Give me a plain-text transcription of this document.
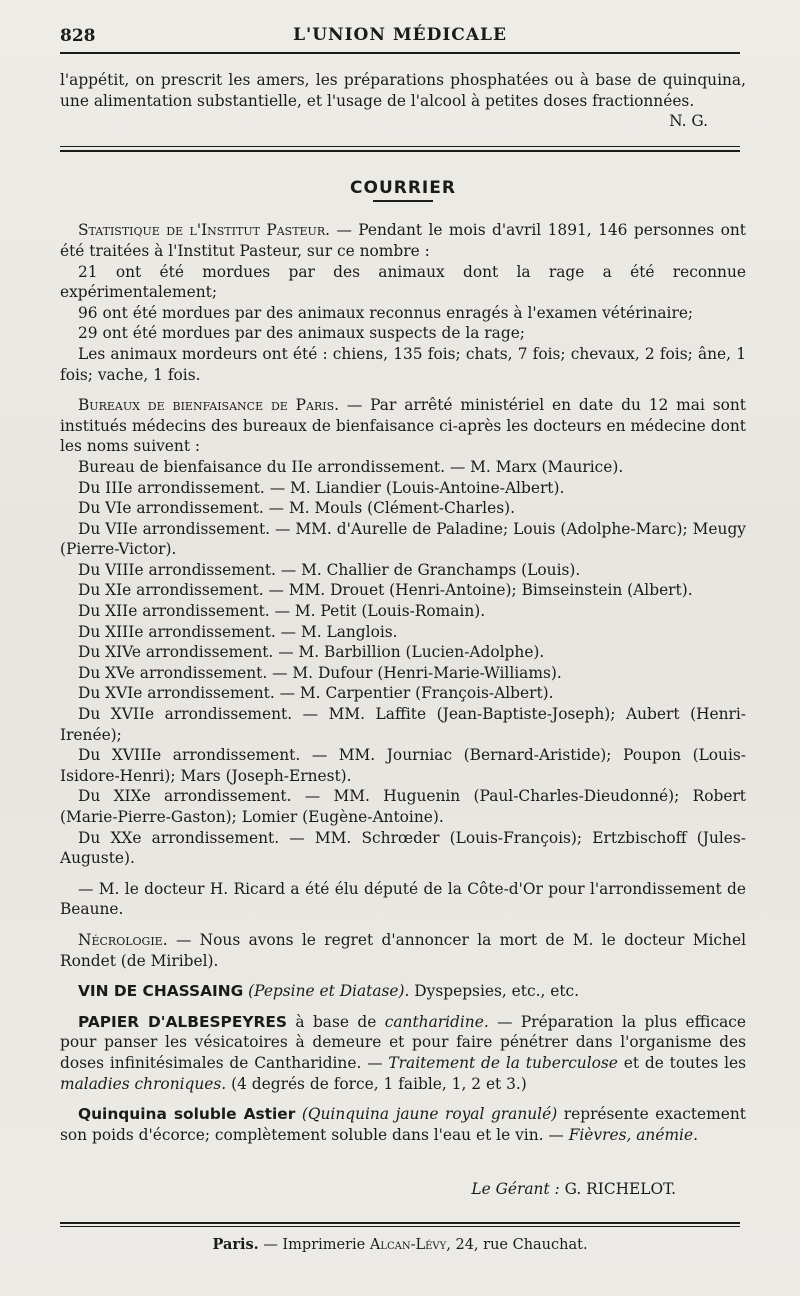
828	L'UNION MÉDICALE

l'appétit, on prescrit les amers, les préparations phosphatées ou à base de quinquina, une alimentation substantielle, et l'usage de l'alcool à petites doses fractionnées.

N. G.

COURRIER

Statistique de l'Institut Pasteur. — Pendant le mois d'avril 1891, 146 personnes ont été traitées à l'Institut Pasteur, sur ce nombre :

21 ont été mordues par des animaux dont la rage a été reconnue expérimentalement;

96 ont été mordues par des animaux reconnus enragés à l'examen vétérinaire;

29 ont été mordues par des animaux suspects de la rage;

Les animaux mordeurs ont été : chiens, 135 fois; chats, 7 fois; chevaux, 2 fois; âne, 1 fois; vache, 1 fois.

Bureaux de bienfaisance de Paris. — Par arrêté ministériel en date du 12 mai sont institués médecins des bureaux de bienfaisance ci-après les docteurs en médecine dont les noms suivent :

Bureau de bienfaisance du IIe arrondissement. — M. Marx (Maurice).

Du IIIe arrondissement. — M. Liandier (Louis-Antoine-Albert).

Du VIe arrondissement. — M. Mouls (Clément-Charles).

Du VIIe arrondissement. — MM. d'Aurelle de Paladine; Louis (Adolphe-Marc); Meugy (Pierre-Victor).

Du VIIIe arrondissement. — M. Challier de Granchamps (Louis).

Du XIe arrondissement. — MM. Drouet (Henri-Antoine); Bimseinstein (Albert).

Du XIIe arrondissement. — M. Petit (Louis-Romain).

Du XIIIe arrondissement. — M. Langlois.

Du XIVe arrondissement. — M. Barbillion (Lucien-Adolphe).

Du XVe arrondissement. — M. Dufour (Henri-Marie-Williams).

Du XVIe arrondissement. — M. Carpentier (François-Albert).

Du XVIIe arrondissement. — MM. Laffite (Jean-Baptiste-Joseph); Aubert (Henri-Irenée);

Du XVIIIe arrondissement. — MM. Journiac (Bernard-Aristide); Poupon (Louis-Isidore-Henri); Mars (Joseph-Ernest).

Du XIXe arrondissement. — MM. Huguenin (Paul-Charles-Dieudonné); Robert (Marie-Pierre-Gaston); Lomier (Eugène-Antoine).

Du XXe arrondissement. — MM. Schrœder (Louis-François); Ertzbischoff (Jules-Auguste).

— M. le docteur H. Ricard a été élu député de la Côte-d'Or pour l'arrondissement de Beaune.

Nécrologie. — Nous avons le regret d'annoncer la mort de M. le docteur Michel Rondet (de Miribel).

VIN DE CHASSAING (Pepsine et Diatase). Dyspepsies, etc., etc.

PAPIER D'ALBESPEYRES à base de cantharidine. — Préparation la plus efficace pour panser les vésicatoires à demeure et pour faire pénétrer dans l'organisme des doses infinitésimales de Cantharidine. — Traitement de la tuberculose et de toutes les maladies chroniques. (4 degrés de force, 1 faible, 1, 2 et 3.)

Quinquina soluble Astier (Quinquina jaune royal granulé) représente exactement son poids d'écorce; complètement soluble dans l'eau et le vin. — Fièvres, anémie.

Le Gérant : G. RICHELOT.

Paris. — Imprimerie Alcan-Lévy, 24, rue Chauchat.
